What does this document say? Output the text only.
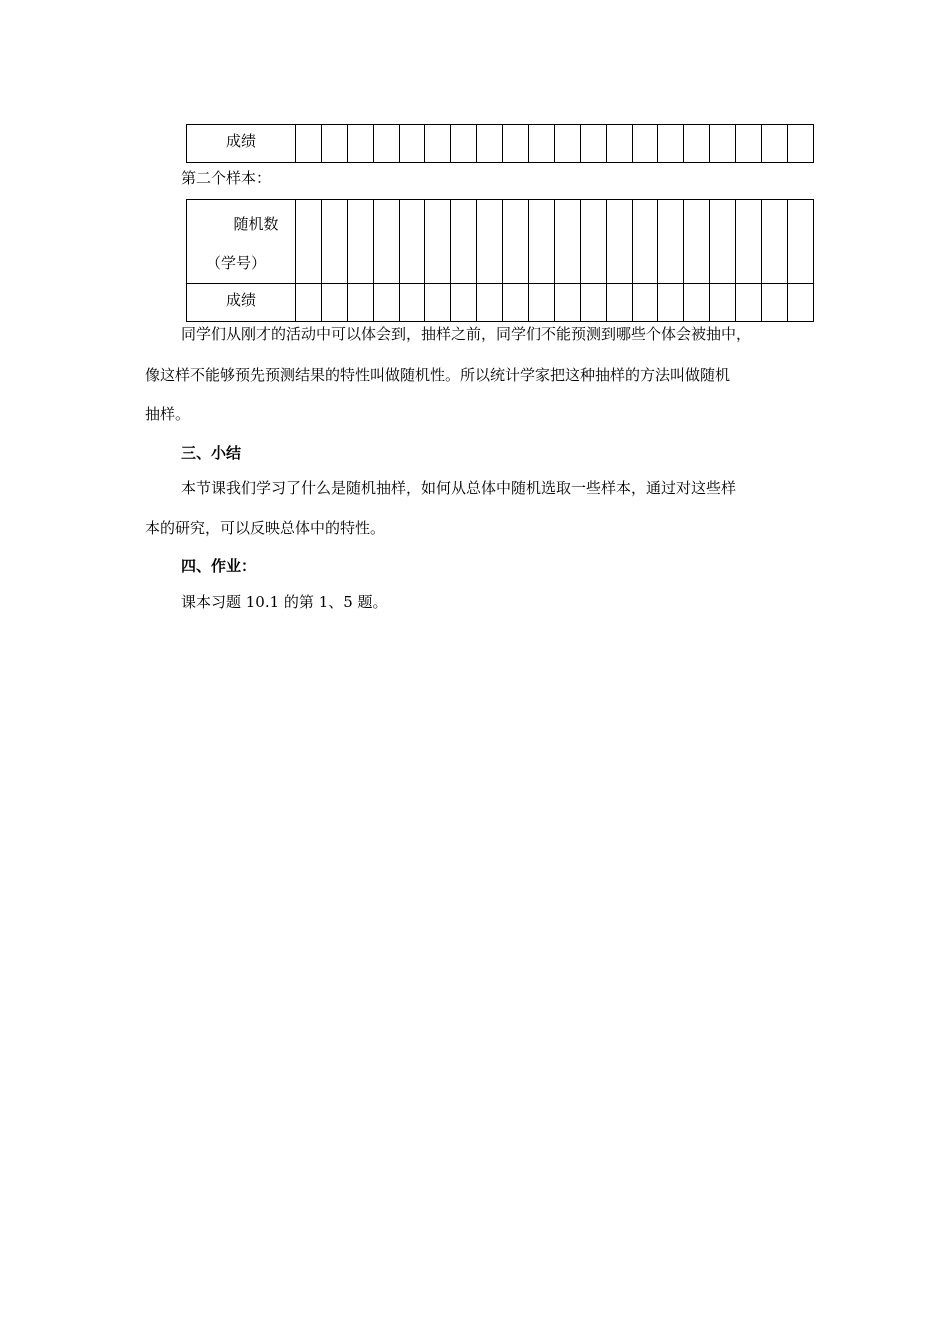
成绩																				

第二个样本：

随机数
（学号）																				

成绩																				

同学们从刚才的活动中可以体会到，抽样之前，同学们不能预测到哪些个体会被抽中，

像这样不能够预先预测结果的特性叫做随机性。所以统计学家把这种抽样的方法叫做随机

抽样。

三、小结

本节课我们学习了什么是随机抽样，如何从总体中随机选取一些样本，通过对这些样

本的研究，可以反映总体中的特性。

四、作业：

课本习题 10.1 的第 1、5 题。
